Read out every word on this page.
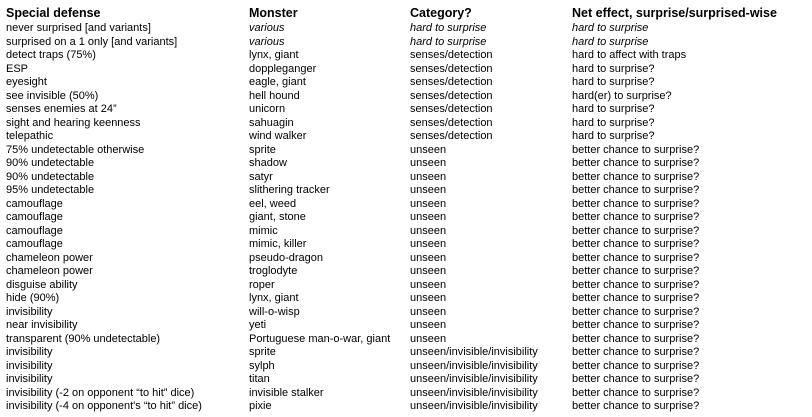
Special defense	Monster	Category?	Net effect, surprise/surprised-wise
never surprised [and variants]	various	hard to surprise	hard to surprise
surprised on a 1 only [and variants]	various	hard to surprise	hard to surprise
detect traps (75%)	lynx, giant	senses/detection	hard to affect with traps
ESP	doppleganger	senses/detection	hard to surprise?
eyesight	eagle, giant	senses/detection	hard to surprise?
see invisible (50%)	hell hound	senses/detection	hard(er) to surprise?
senses enemies at 24”	unicorn	senses/detection	hard to surprise?
sight and hearing keenness	sahuagin	senses/detection	hard to surprise?
telepathic	wind walker	senses/detection	hard to surprise?
75% undetectable otherwise	sprite	unseen	better chance to surprise?
90% undetectable	shadow	unseen	better chance to surprise?
90% undetectable	satyr	unseen	better chance to surprise?
95% undetectable	slithering tracker	unseen	better chance to surprise?
camouflage	eel, weed	unseen	better chance to surprise?
camouflage	giant, stone	unseen	better chance to surprise?
camouflage	mimic	unseen	better chance to surprise?
camouflage	mimic, killer	unseen	better chance to surprise?
chameleon power	pseudo-dragon	unseen	better chance to surprise?
chameleon power	troglodyte	unseen	better chance to surprise?
disguise ability	roper	unseen	better chance to surprise?
hide (90%)	lynx, giant	unseen	better chance to surprise?
invisibility	will-o-wisp	unseen	better chance to surprise?
near invisibility	yeti	unseen	better chance to surprise?
transparent (90% undetectable)	Portuguese man-o-war, giant	unseen	better chance to surprise?
invisibility	sprite	unseen/invisible/invisibility	better chance to surprise?
invisibility	sylph	unseen/invisible/invisibility	better chance to surprise?
invisibility	titan	unseen/invisible/invisibility	better chance to surprise?
invisibility (-2 on opponent “to hit” dice)	invisible stalker	unseen/invisible/invisibility	better chance to surprise?
invisibility (-4 on opponent's “to hit” dice)	pixie	unseen/invisible/invisibility	better chance to surprise?
